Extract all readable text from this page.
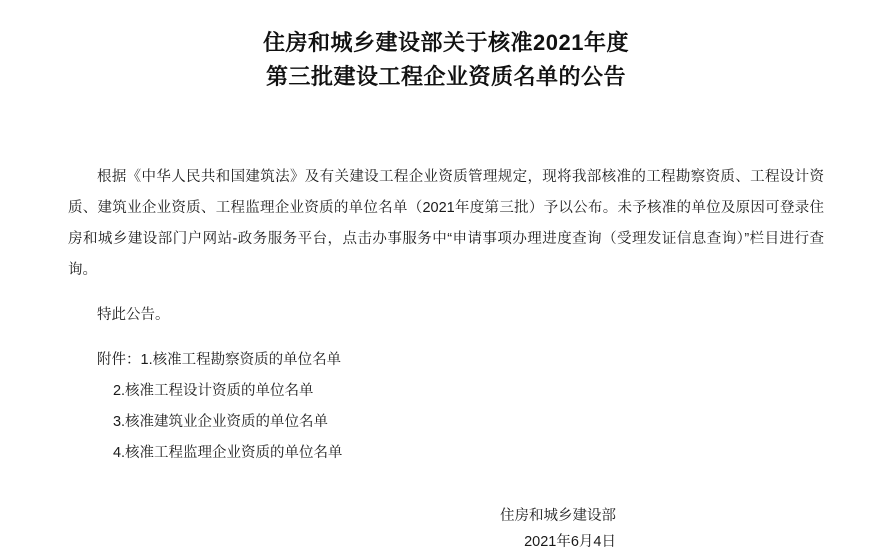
住房和城乡建设部关于核准2021年度
第三批建设工程企业资质名单的公告

根据《中华人民共和国建筑法》及有关建设工程企业资质管理规定，现将我部核准的工程勘察资质、工程设计资质、建筑业企业资质、工程监理企业资质的单位名单（2021年度第三批）予以公布。未予核准的单位及原因可登录住房和城乡建设部门户网站-政务服务平台，点击办事服务中“申请事项办理进度查询（受理发证信息查询）”栏目进行查询。

特此公告。

附件：1.核准工程勘察资质的单位名单

2.核准工程设计资质的单位名单

3.核准建筑业企业资质的单位名单

4.核准工程监理企业资质的单位名单

住房和城乡建设部
2021年6月4日
